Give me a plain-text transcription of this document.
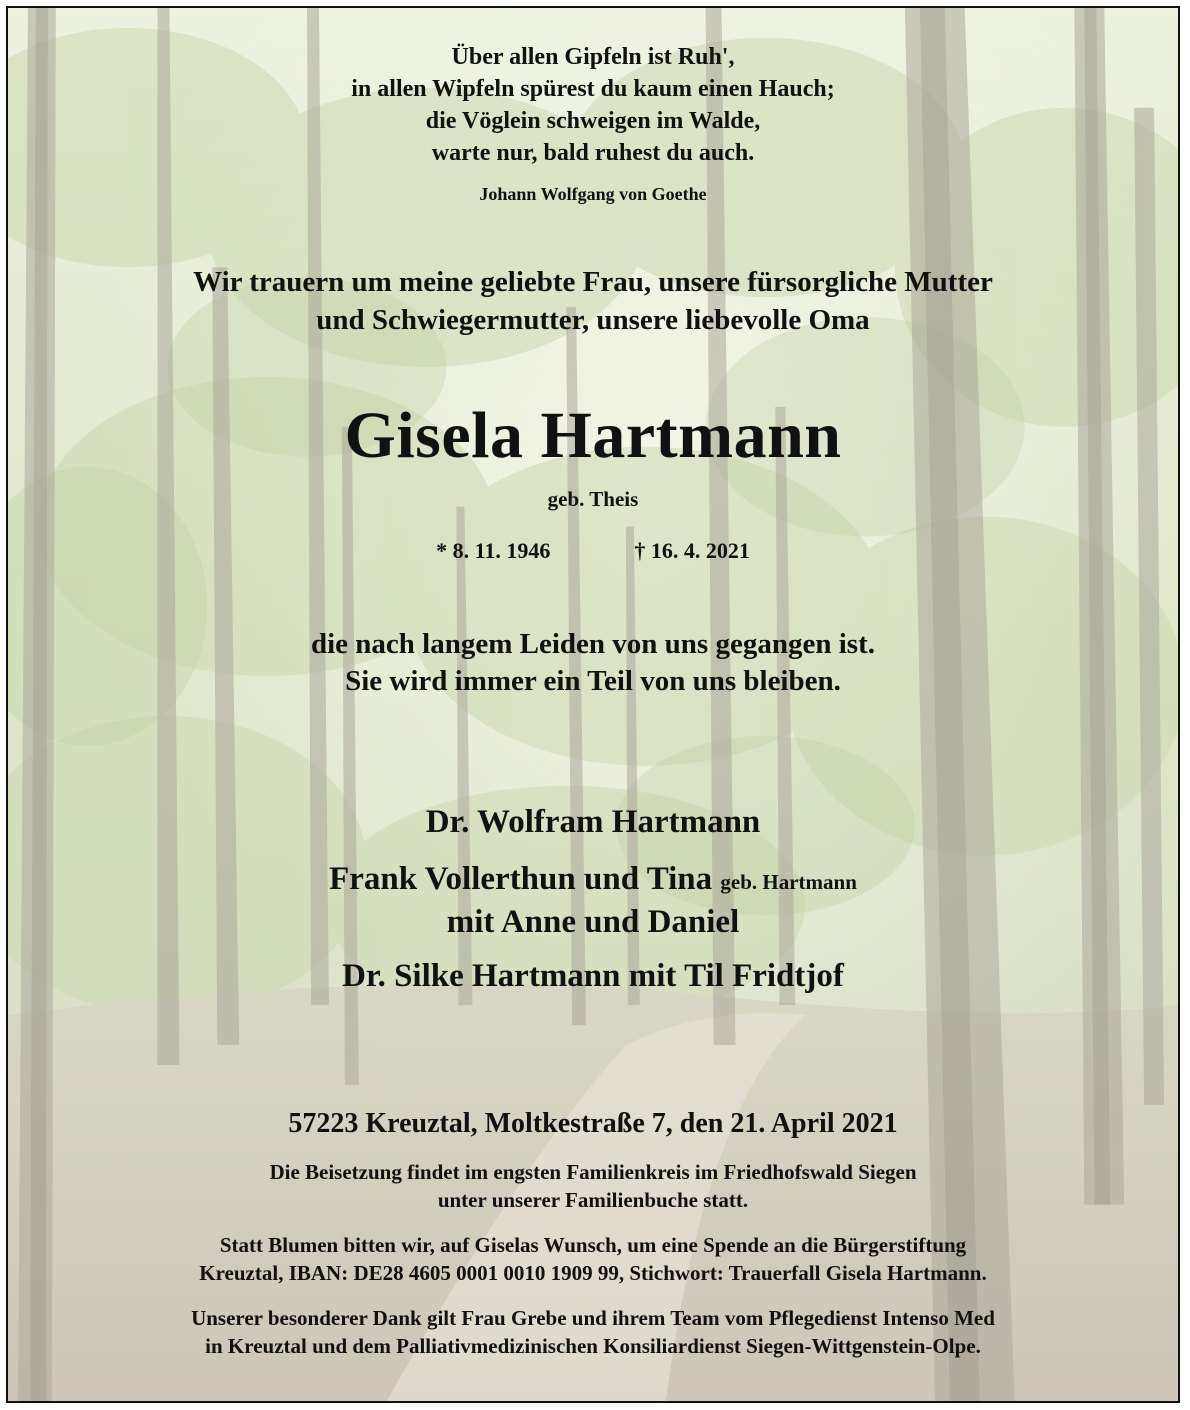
Über allen Gipfeln ist Ruh',
in allen Wipfeln spürest du kaum einen Hauch;
die Vöglein schweigen im Walde,
warte nur, bald ruhest du auch.
Johann Wolfgang von Goethe
Wir trauern um meine geliebte Frau, unsere fürsorgliche Mutter
und Schwiegermutter, unsere liebevolle Oma
Gisela Hartmann
geb. Theis
* 8. 11. 1946	† 16. 4. 2021
die nach langem Leiden von uns gegangen ist.
Sie wird immer ein Teil von uns bleiben.
Dr. Wolfram Hartmann
Frank Vollerthun und Tina geb. Hartmann
mit Anne und Daniel
Dr. Silke Hartmann mit Til Fridtjof
57223 Kreuztal, Moltkestraße 7, den 21. April 2021
Die Beisetzung findet im engsten Familienkreis im Friedhofswald Siegen
unter unserer Familienbuche statt.
Statt Blumen bitten wir, auf Giselas Wunsch, um eine Spende an die Bürgerstiftung
Kreuztal, IBAN: DE28 4605 0001 0010 1909 99, Stichwort: Trauerfall Gisela Hartmann.
Unserer besonderer Dank gilt Frau Grebe und ihrem Team vom Pflegedienst Intenso Med
in Kreuztal und dem Palliativmedizinischen Konsiliardienst Siegen-Wittgenstein-Olpe.
